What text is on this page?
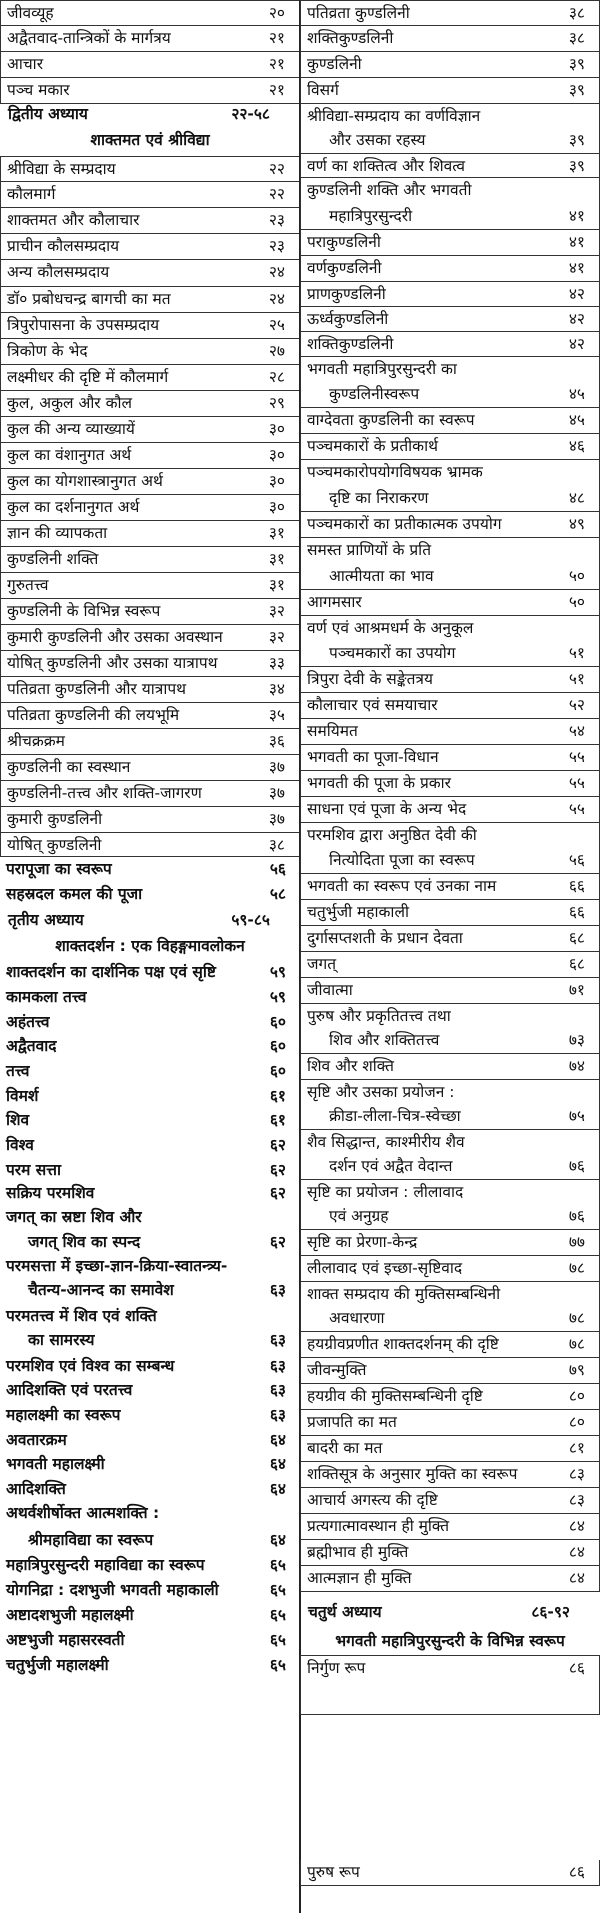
जीवव्यूह	२०
अद्वैतवाद-तान्त्रिकों के मार्गत्रय	२१
आचार	२१
पञ्च मकार	२१
द्वितीय अध्याय	२२-५८
शाक्तमत एवं श्रीविद्या
श्रीविद्या के सम्प्रदाय	२२
कौलमार्ग	२२
शाक्तमत और कौलाचार	२३
प्राचीन कौलसम्प्रदाय	२३
अन्य कौलसम्प्रदाय	२४
डॉ० प्रबोधचन्द्र बागची का मत	२४
त्रिपुरोपासना के उपसम्प्रदाय	२५
त्रिकोण के भेद	२७
लक्ष्मीधर की दृष्टि में कौलमार्ग	२८
कुल, अकुल और कौल	२९
कुल की अन्य व्याख्यायें	३०
कुल का वंशानुगत अर्थ	३०
कुल का योगशास्त्रानुगत अर्थ	३०
कुल का दर्शनानुगत अर्थ	३०
ज्ञान की व्यापकता	३१
कुण्डलिनी शक्ति	३१
गुरुतत्त्व	३१
कुण्डलिनी के विभिन्न स्वरूप	३२
कुमारी कुण्डलिनी और उसका अवस्थान	३२
योषित् कुण्डलिनी और उसका यात्रापथ	३३
पतिव्रता कुण्डलिनी और यात्रापथ	३४
पतिव्रता कुण्डलिनी की लयभूमि	३५
श्रीचक्रक्रम	३६
कुण्डलिनी का स्वस्थान	३७
कुण्डलिनी-तत्त्व और शक्ति-जागरण	३७
कुमारी कुण्डलिनी	३७
योषित् कुण्डलिनी	३८
परापूजा का स्वरूप	५६
सहस्रदल कमल की पूजा	५८
तृतीय अध्याय	५९-८५
शाक्तदर्शन : एक विहङ्गमावलोकन
शाक्तदर्शन का दार्शनिक पक्ष एवं सृष्टि	५९
कामकला तत्त्व	५९
अहंतत्त्व	६०
अद्वैतवाद	६०
तत्त्व	६०
विमर्श	६१
शिव	६१
विश्व	६२
परम सत्ता	६२
सक्रिय परमशिव	६२
जगत् का स्रष्टा शिव और
जगत् शिव का स्पन्द	६२
परमसत्ता में इच्छा-ज्ञान-क्रिया-स्वातन्त्र्य-
चैतन्य-आनन्द का समावेश	६३
परमतत्त्व में शिव एवं शक्ति
का सामरस्य	६३
परमशिव एवं विश्व का सम्बन्ध	६३
आदिशक्ति एवं परतत्त्व	६३
महालक्ष्मी का स्वरूप	६३
अवतारक्रम	६४
भगवती महालक्ष्मी	६४
आदिशक्ति	६४
अथर्वशीर्षोक्त आत्मशक्ति :
श्रीमहाविद्या का स्वरूप	६४
महात्रिपुरसुन्दरी महाविद्या का स्वरूप	६५
योगनिद्रा : दशभुजी भगवती महाकाली	६५
अष्टादशभुजी महालक्ष्मी	६५
अष्टभुजी महासरस्वती	६५
चतुर्भुजी महालक्ष्मी	६५
पतिव्रता कुण्डलिनी	३८
शक्तिकुण्डलिनी	३८
कुण्डलिनी	३९
विसर्ग	३९
श्रीविद्या-सम्प्रदाय का वर्णविज्ञान
और उसका रहस्य	३९
वर्ण का शक्तित्व और शिवत्व	३९
कुण्डलिनी शक्ति और भगवती
महात्रिपुरसुन्दरी	४१
पराकुण्डलिनी	४१
वर्णकुण्डलिनी	४१
प्राणकुण्डलिनी	४२
ऊर्ध्वकुण्डलिनी	४२
शक्तिकुण्डलिनी	४२
भगवती महात्रिपुरसुन्दरी का
कुण्डलिनीस्वरूप	४५
वाग्देवता कुण्डलिनी का स्वरूप	४५
पञ्चमकारों के प्रतीकार्थ	४६
पञ्चमकारोपयोगविषयक भ्रामक
दृष्टि का निराकरण	४८
पञ्चमकारों का प्रतीकात्मक उपयोग	४९
समस्त प्राणियों के प्रति
आत्मीयता का भाव	५०
आगमसार	५०
वर्ण एवं आश्रमधर्म के अनुकूल
पञ्चमकारों का उपयोग	५१
त्रिपुरा देवी के सङ्केतत्रय	५१
कौलाचार एवं समयाचार	५२
समयिमत	५४
भगवती का पूजा-विधान	५५
भगवती की पूजा के प्रकार	५५
साधना एवं पूजा के अन्य भेद	५५
परमशिव द्वारा अनुष्ठित देवी की
नित्योदिता पूजा का स्वरूप	५६
भगवती का स्वरूप एवं उनका नाम	६६
चतुर्भुजी महाकाली	६६
दुर्गासप्तशती के प्रधान देवता	६८
जगत्	६८
जीवात्मा	७१
पुरुष और प्रकृतितत्त्व तथा
शिव और शक्तितत्त्व	७३
शिव और शक्ति	७४
सृष्टि और उसका प्रयोजन :
क्रीडा-लीला-चित्र-स्वेच्छा	७५
शैव सिद्धान्त, काश्मीरीय शैव
दर्शन एवं अद्वैत वेदान्त	७६
सृष्टि का प्रयोजन : लीलावाद
एवं अनुग्रह	७६
सृष्टि का प्रेरणा-केन्द्र	७७
लीलावाद एवं इच्छा-सृष्टिवाद	७८
शाक्त सम्प्रदाय की मुक्तिसम्बन्धिनी
अवधारणा	७८
हयग्रीवप्रणीत शाक्तदर्शनम् की दृष्टि	७८
जीवन्मुक्ति	७९
हयग्रीव की मुक्तिसम्बन्धिनी दृष्टि	८०
प्रजापति का मत	८०
बादरी का मत	८१
शक्तिसूत्र के अनुसार मुक्ति का स्वरूप	८३
आचार्य अगस्त्य की दृष्टि	८३
प्रत्यगात्मावस्थान ही मुक्ति	८४
ब्रह्मीभाव ही मुक्ति	८४
आत्मज्ञान ही मुक्ति	८४
चतुर्थ अध्याय	८६-९२
भगवती महात्रिपुरसुन्दरी के विभिन्न स्वरूप
निर्गुण रूप	८६
पुरुष रूप	८६
